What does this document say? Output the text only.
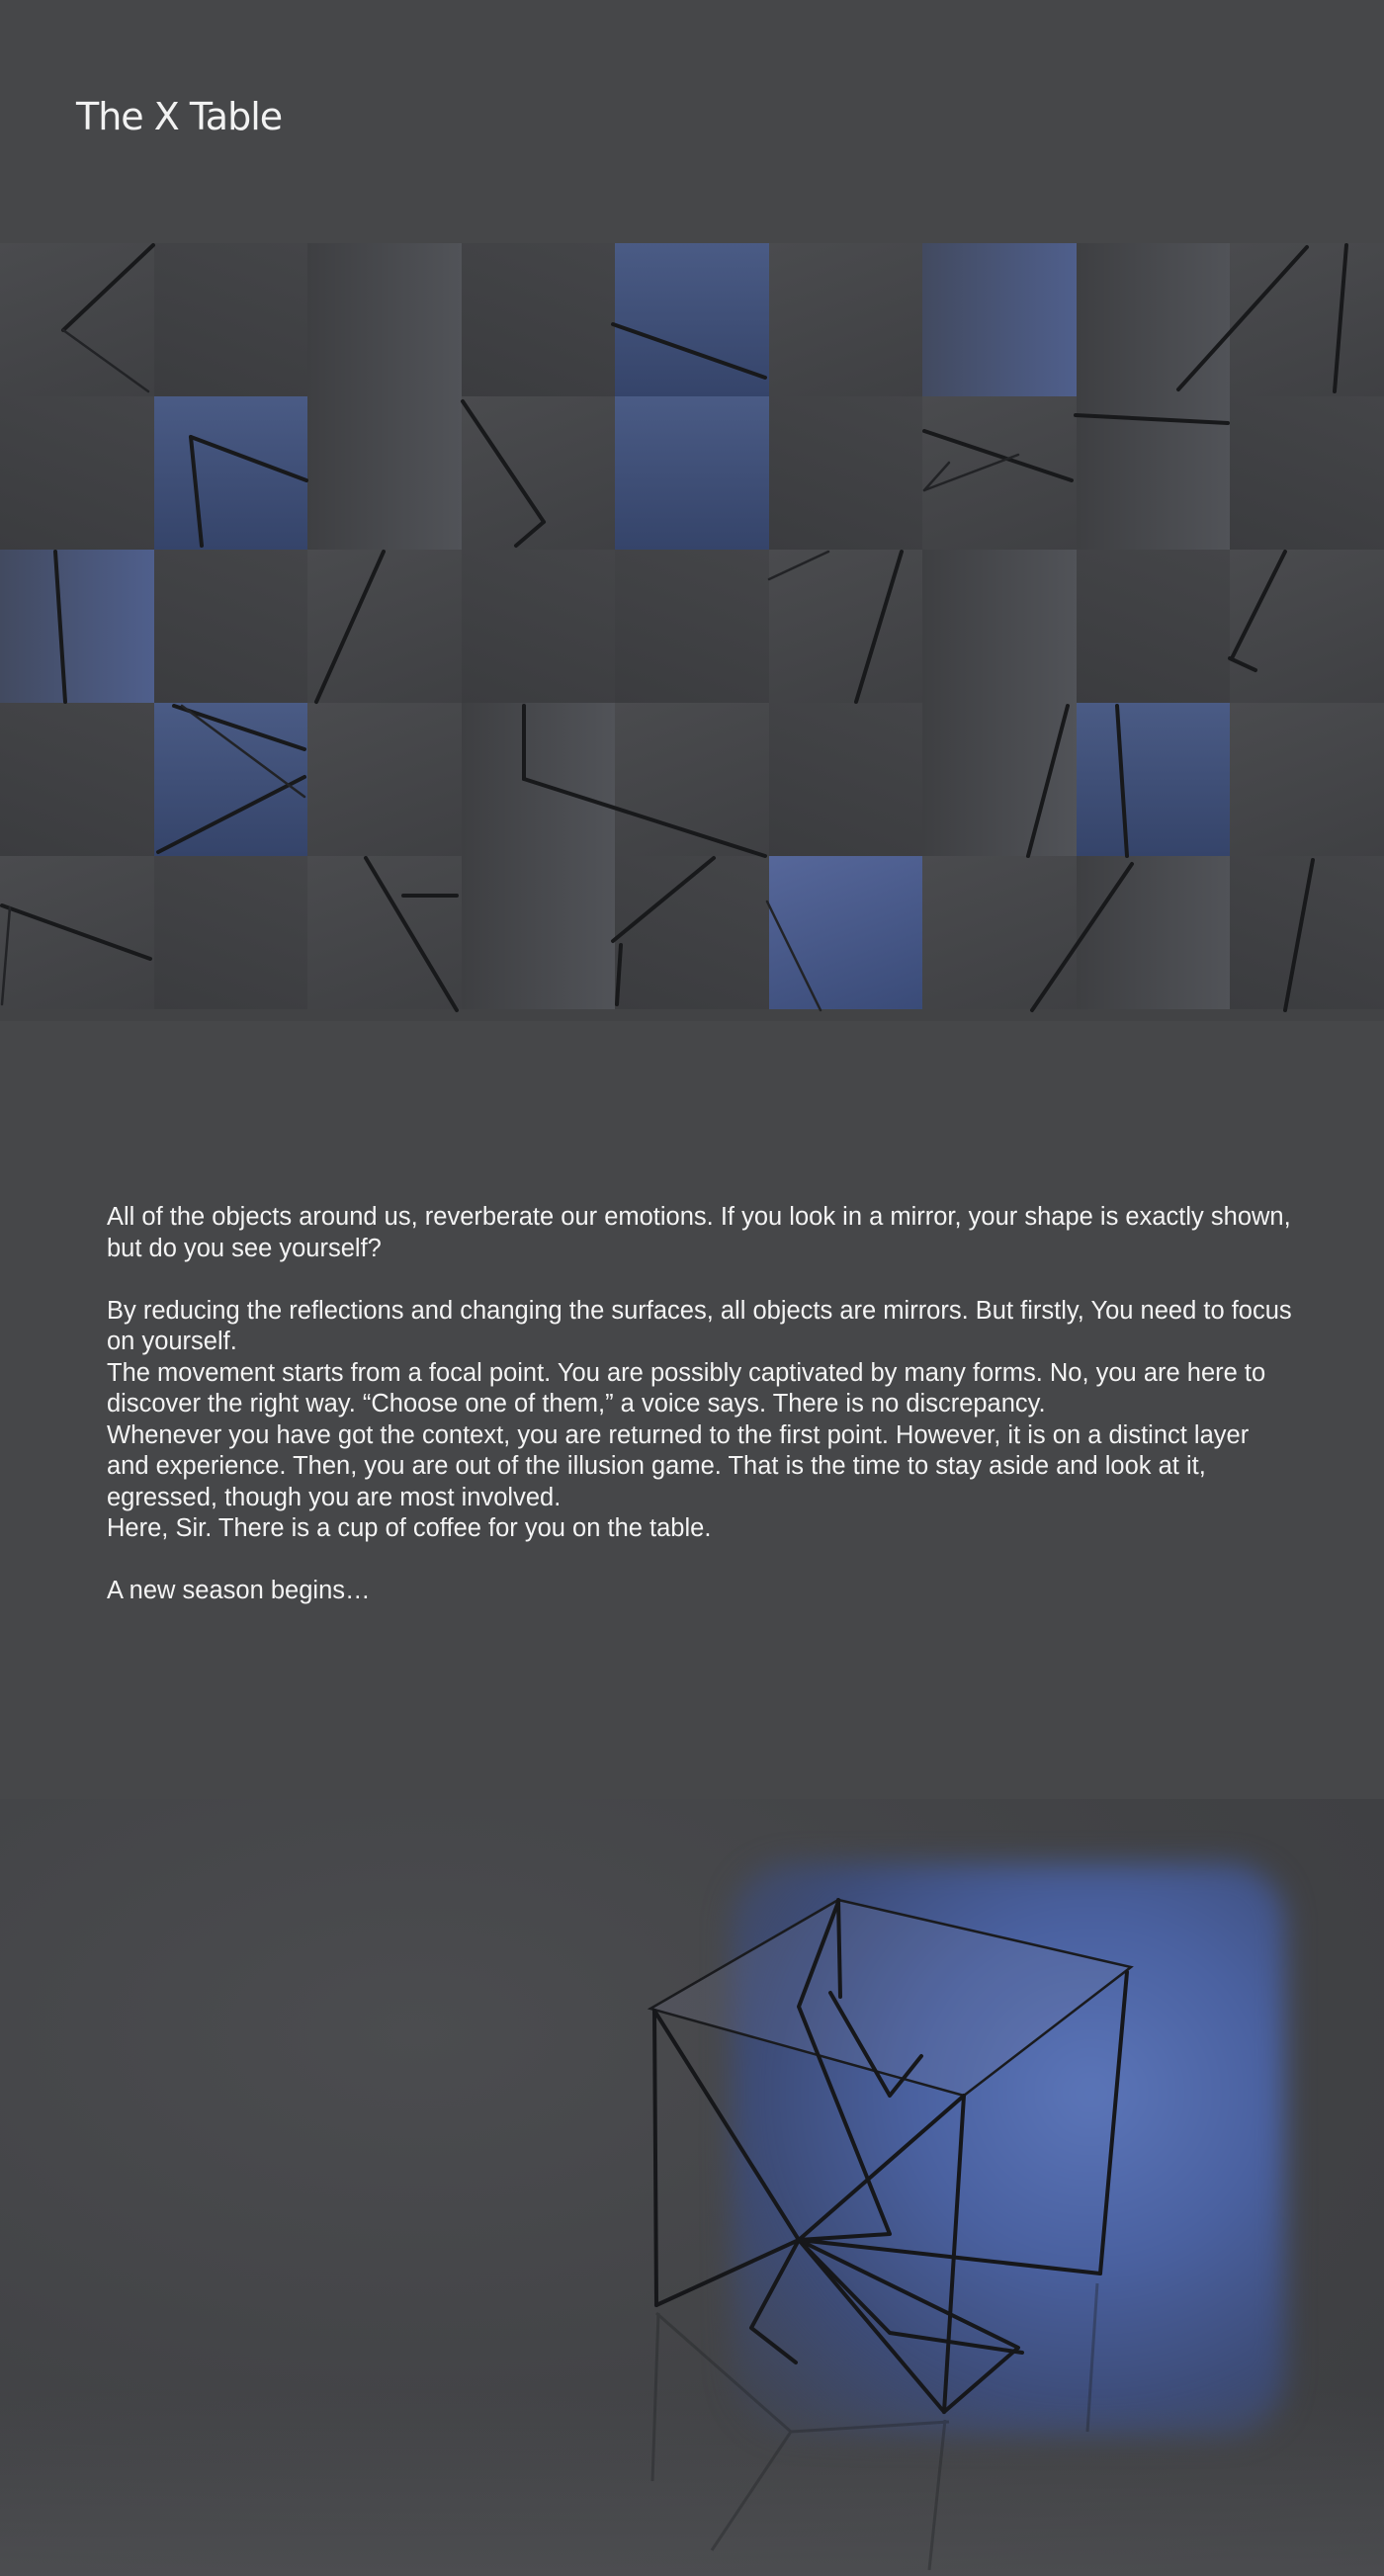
The X Table

All of the objects around us, reverberate our emotions. If you look in a mirror, your shape is exactly shown, but do you see yourself?

By reducing the reflections and changing the surfaces, all objects are mirrors. But firstly, You need to focus on yourself.

The movement starts from a focal point. You are possibly captivated by many forms. No, you are here to discover the right way. “Choose one of them,” a voice says. There is no discrepancy.

Whenever you have got the context, you are returned to the first point. However, it is on a distinct layer and experience. Then, you are out of the illusion game. That is the time to stay aside and look at it, egressed, though you are most involved.

Here, Sir. There is a cup of coffee for you on the table.

A new season begins…
